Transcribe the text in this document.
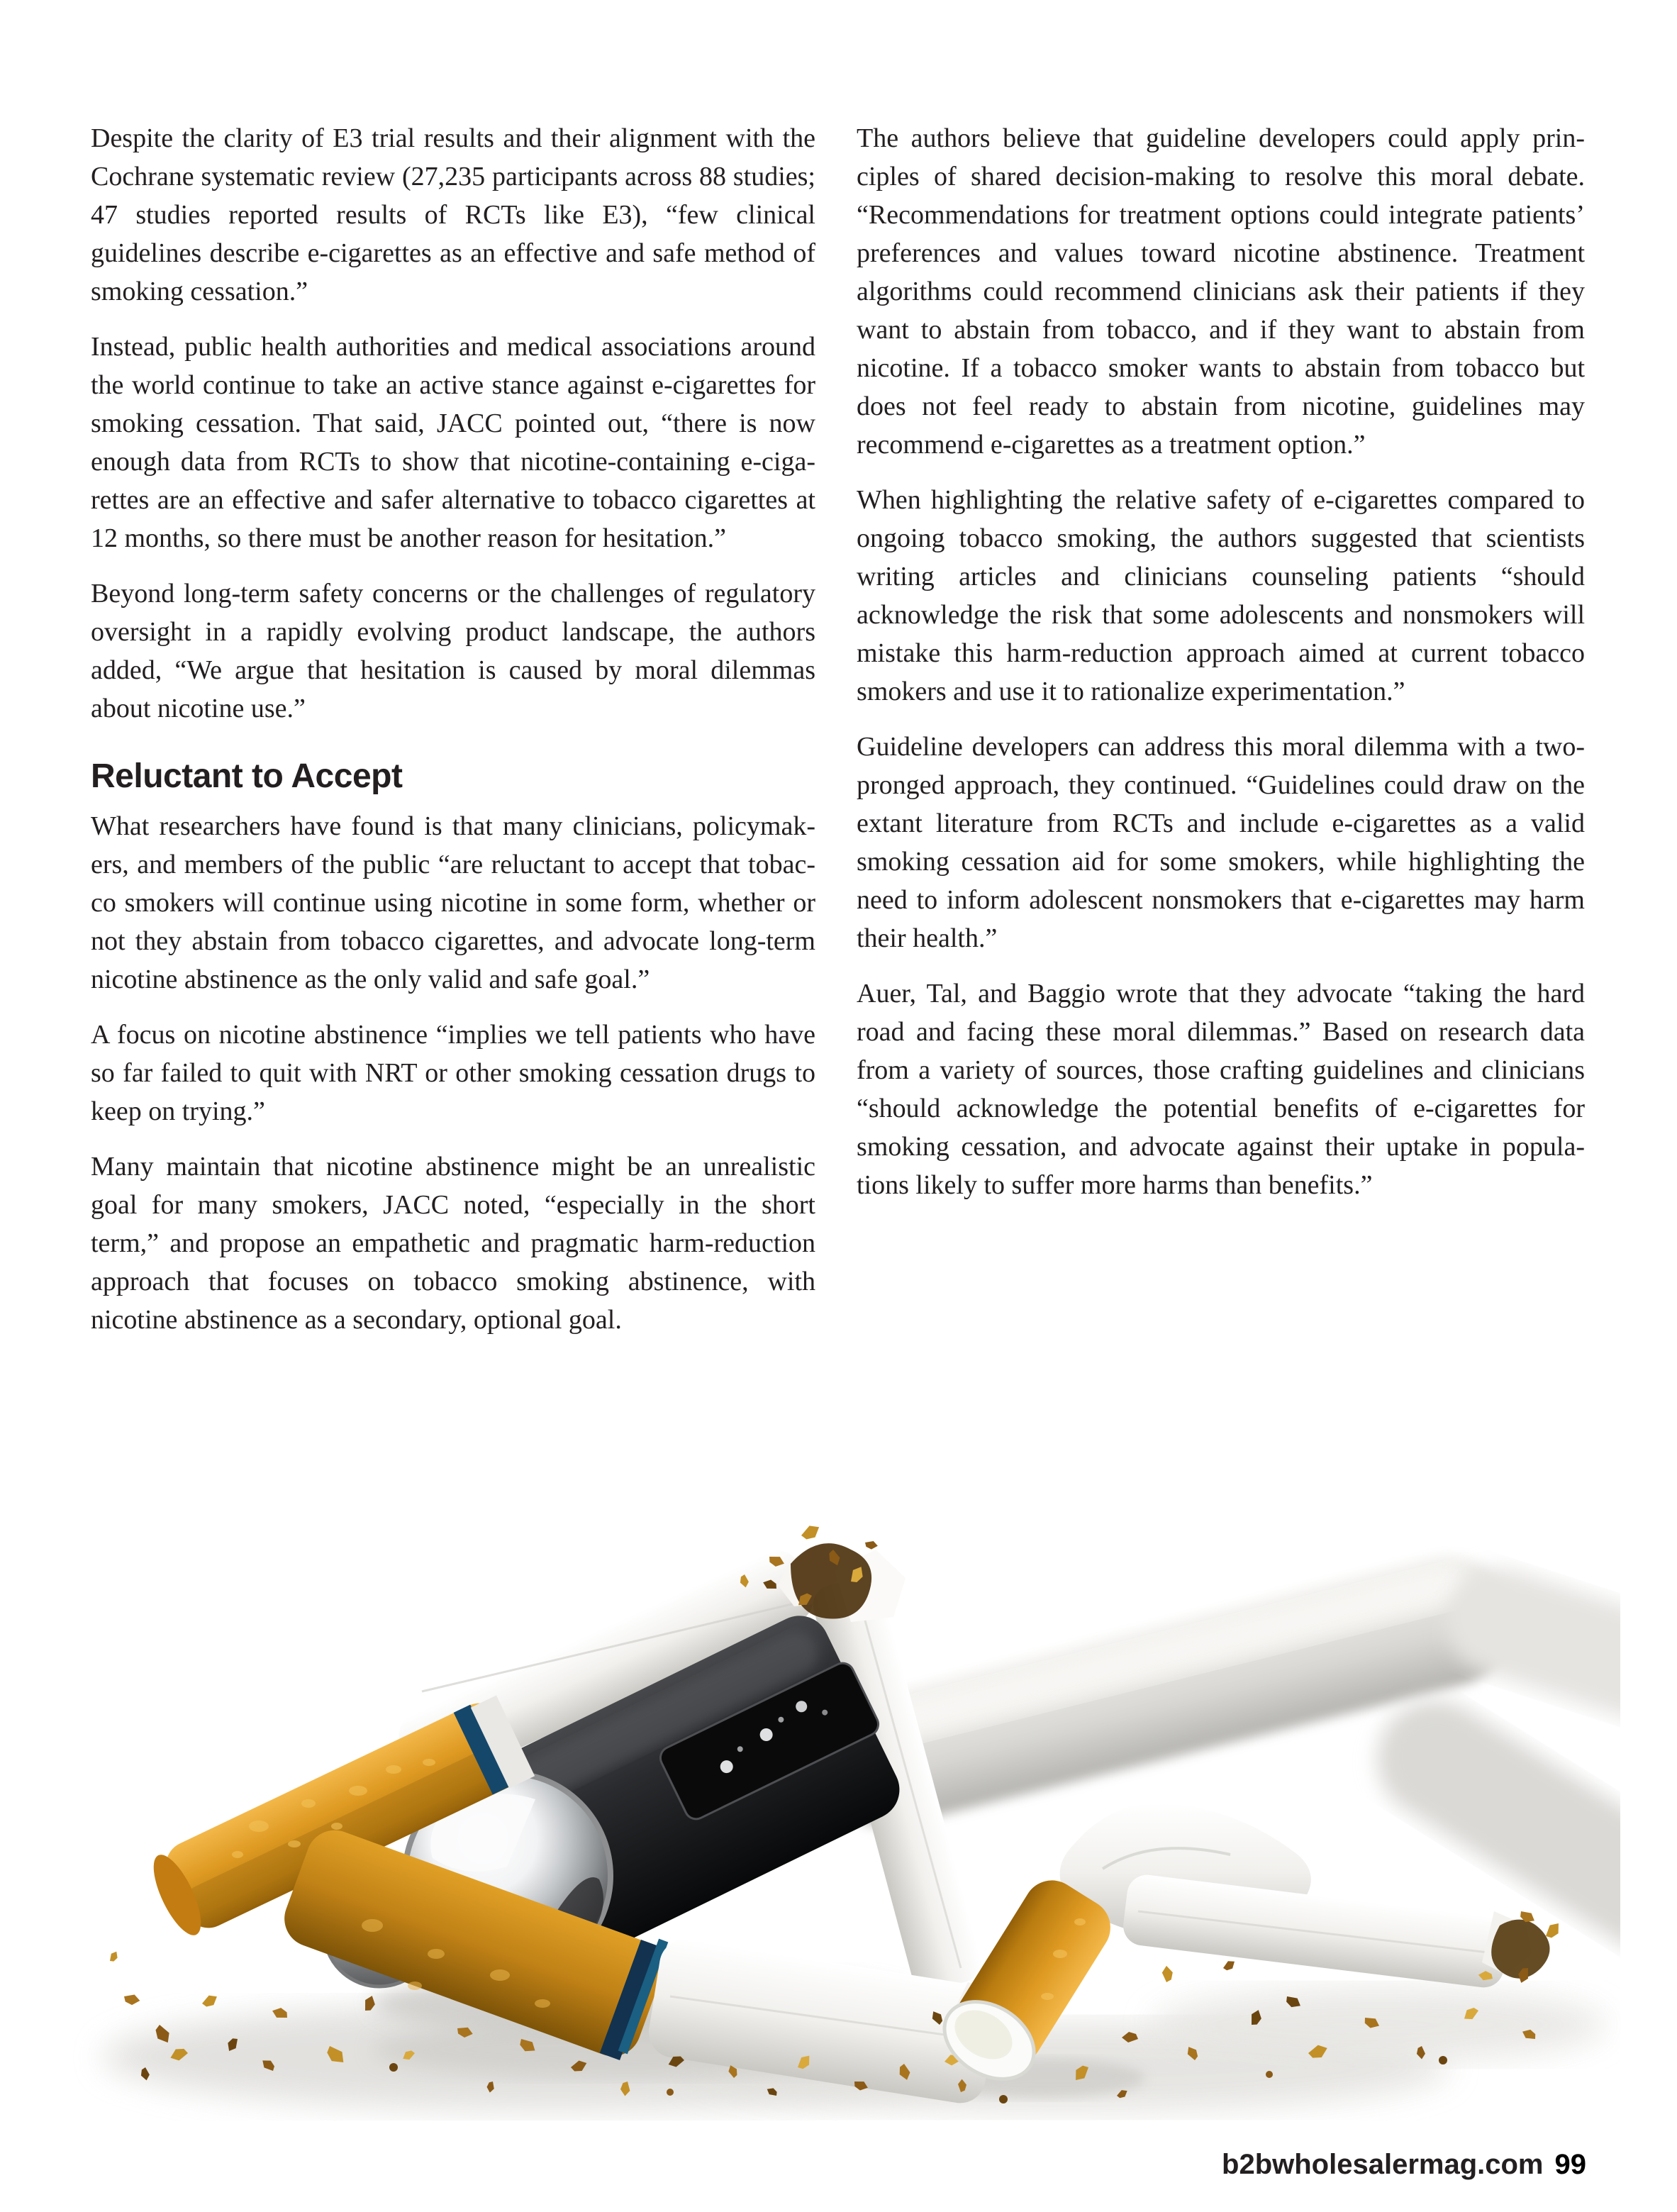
Despite the clarity of E3 trial results and their alignment with the Cochrane systematic review (27,235 participants across 88 studies; 47 studies reported results of RCTs like E3), “few clinical guidelines describe e-cigarettes as an effective and safe method of smoking cessation.”

Instead, public health authorities and medical associations around the world continue to take an active stance against e-cigarettes for smoking cessation. That said, JACC pointed out, “there is now enough data from RCTs to show that nicotine-containing e-cigarettes are an effective and safer alternative to tobacco cigarettes at 12 months, so there must be another reason for hesitation.”

Beyond long-term safety concerns or the challenges of regulatory oversight in a rapidly evolving product landscape, the authors added, “We argue that hesitation is caused by moral dilemmas about nicotine use.”

Reluctant to Accept

What researchers have found is that many clinicians, policymakers, and members of the public “are reluctant to accept that tobacco smokers will continue using nicotine in some form, whether or not they abstain from tobacco cigarettes, and advocate long-term nicotine abstinence as the only valid and safe goal.”

A focus on nicotine abstinence “implies we tell patients who have so far failed to quit with NRT or other smoking cessation drugs to keep on trying.”

Many maintain that nicotine abstinence might be an unrealistic goal for many smokers, JACC noted, “especially in the short term,” and propose an empathetic and pragmatic harm-reduction approach that focuses on tobacco smoking abstinence, with nicotine abstinence as a secondary, optional goal.

The authors believe that guideline developers could apply principles of shared decision-making to resolve this moral debate. “Recommendations for treatment options could integrate patients’ preferences and values toward nicotine abstinence. Treatment algorithms could recommend clinicians ask their patients if they want to abstain from tobacco, and if they want to abstain from nicotine. If a tobacco smoker wants to abstain from tobacco but does not feel ready to abstain from nicotine, guidelines may recommend e-cigarettes as a treatment option.”

When highlighting the relative safety of e-cigarettes compared to ongoing tobacco smoking, the authors suggested that scientists writing articles and clinicians counseling patients “should acknowledge the risk that some adolescents and nonsmokers will mistake this harm-reduction approach aimed at current tobacco smokers and use it to rationalize experimentation.”

Guideline developers can address this moral dilemma with a two-pronged approach, they continued. “Guidelines could draw on the extant literature from RCTs and include e-cigarettes as a valid smoking cessation aid for some smokers, while highlighting the need to inform adolescent nonsmokers that e-cigarettes may harm their health.”

Auer, Tal, and Baggio wrote that they advocate “taking the hard road and facing these moral dilemmas.” Based on research data from a variety of sources, those crafting guidelines and clinicians “should acknowledge the potential benefits of e-cigarettes for smoking cessation, and advocate against their uptake in populations likely to suffer more harms than benefits.”

b2bwholesalermag.com 99
